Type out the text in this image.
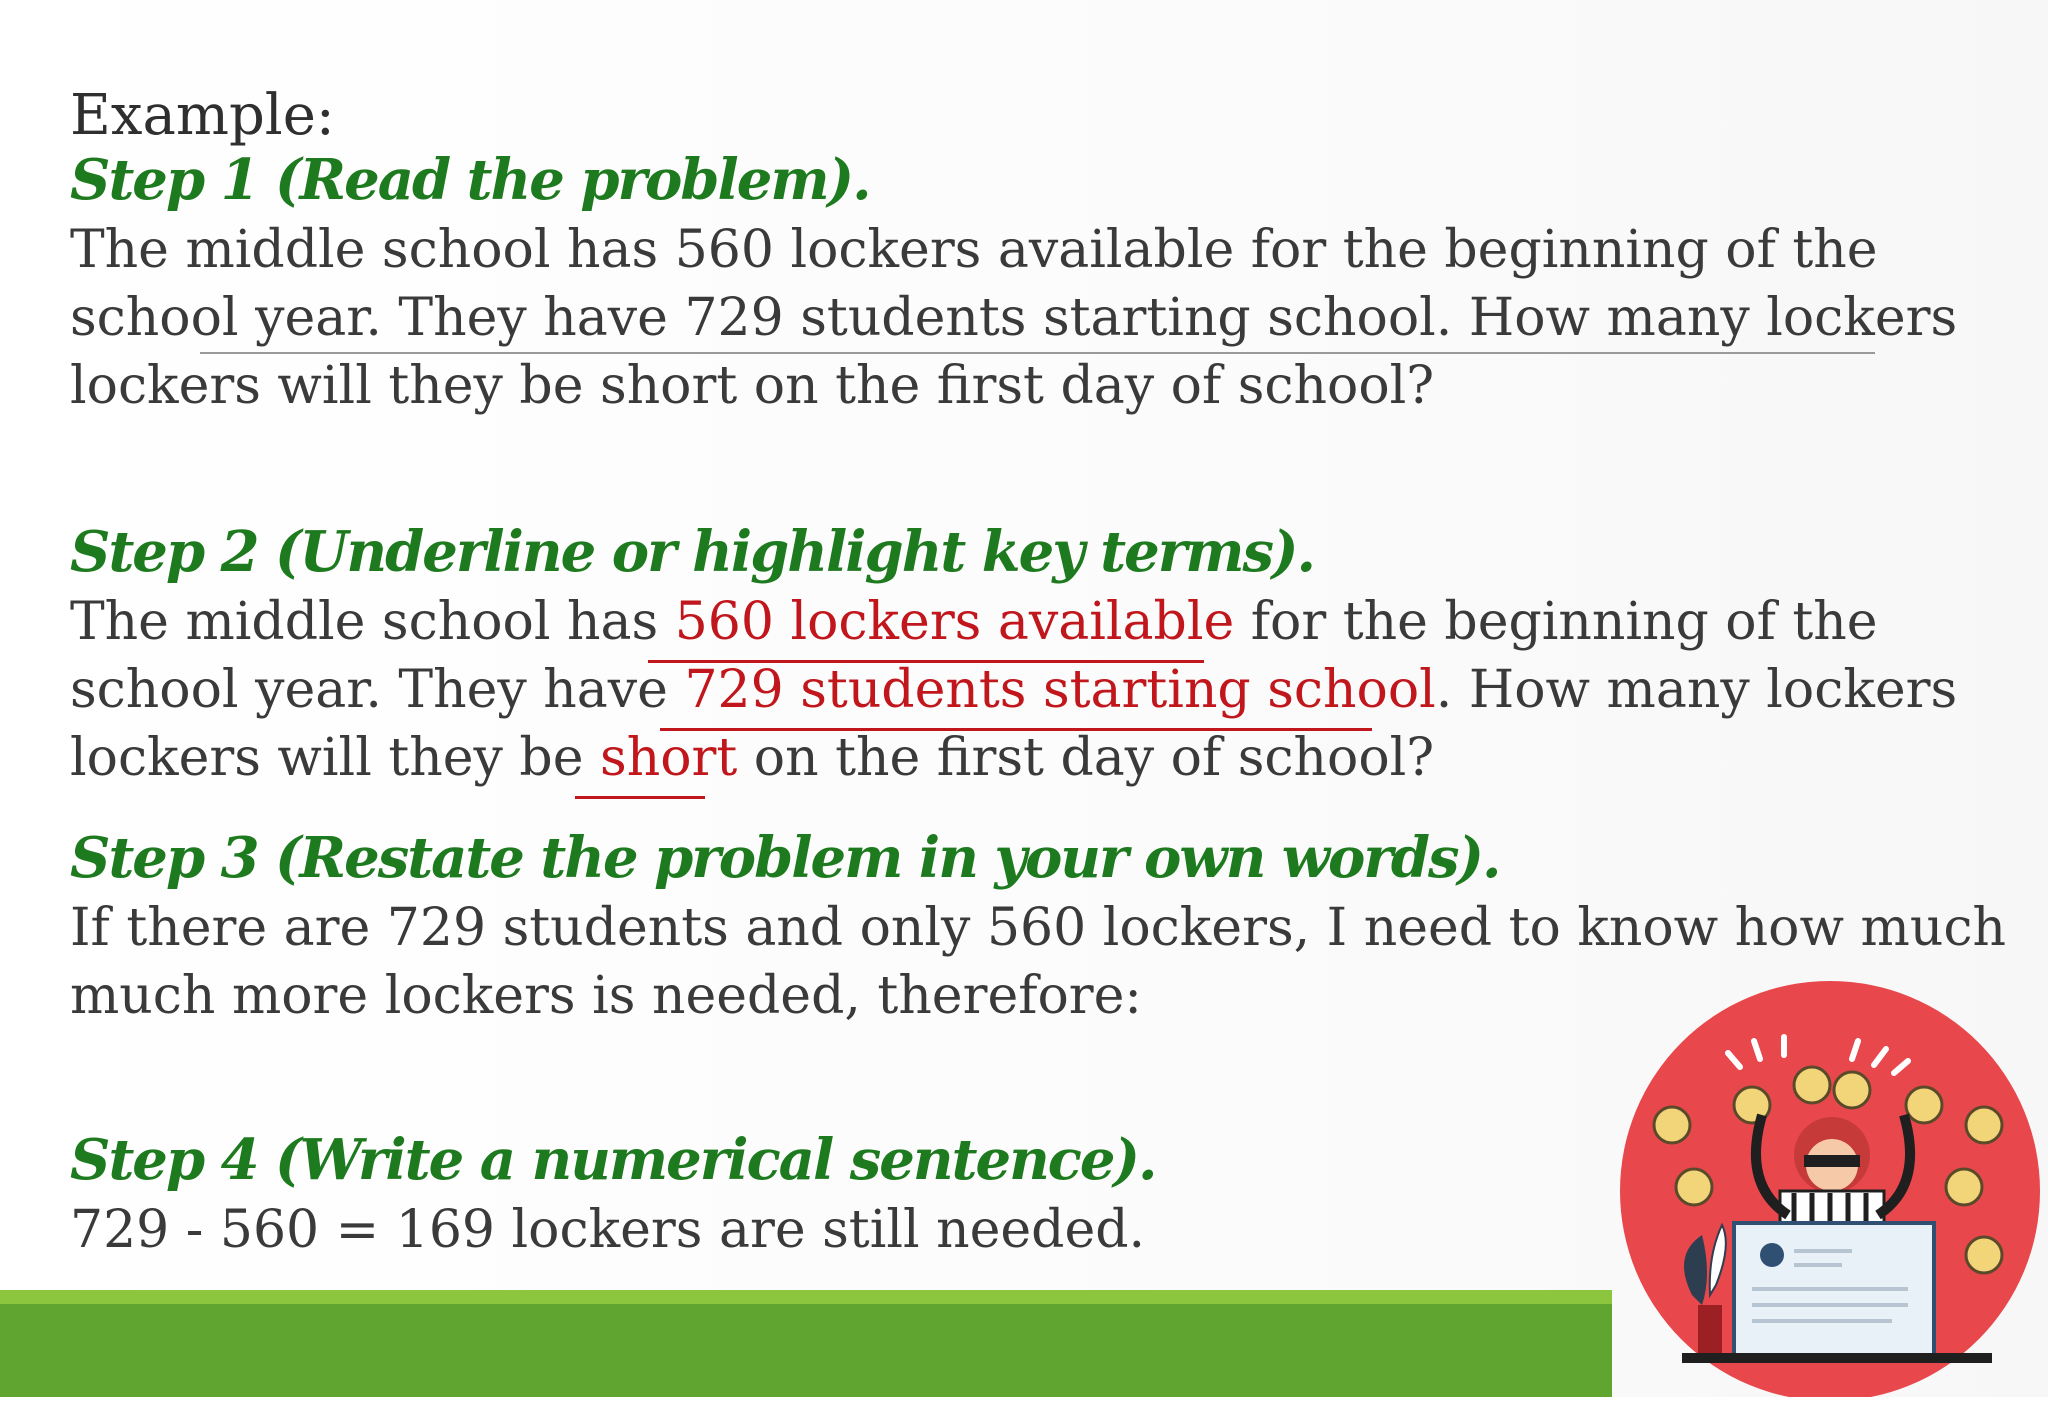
Example:
Step 1 (Read the problem).
The middle school has 560 lockers available for the beginning of the
school year. They have 729 students starting school. How many lockers
lockers will they be short on the first day of school?
Step 2 (Underline or highlight key terms).
The middle school has 560 lockers available for the beginning of the
school year. They have 729 students starting school. How many lockers
lockers will they be short on the first day of school?
Step 3 (Restate the problem in your own words).
If there are 729 students and only 560 lockers, I need to know how much
much more lockers is needed, therefore:
Step 4 (Write a numerical sentence).
729 - 560 = 169 lockers are still needed.
